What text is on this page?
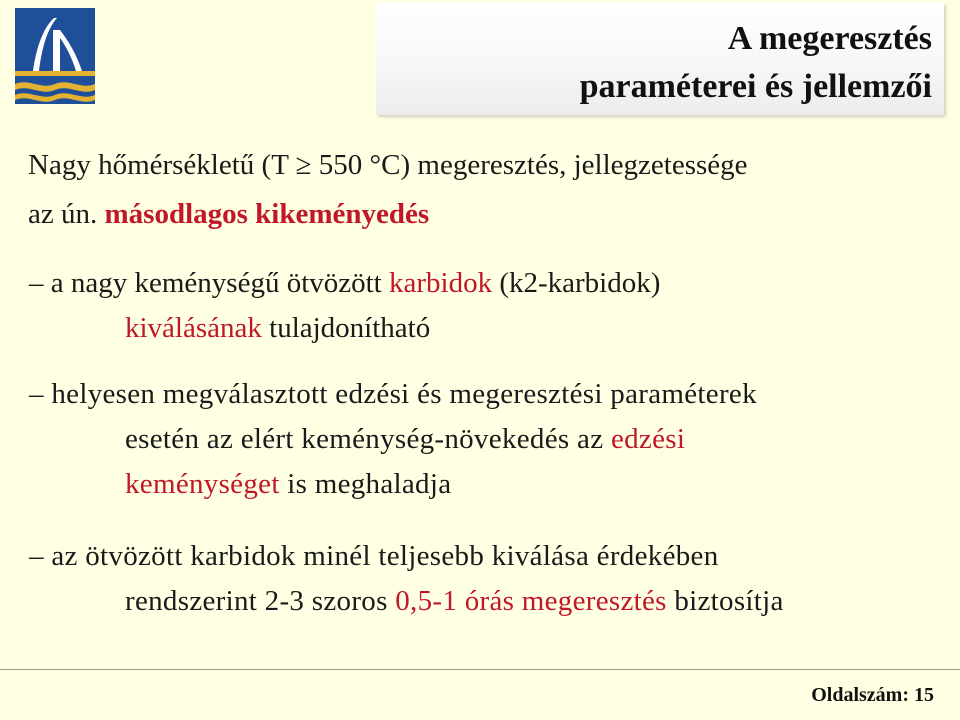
A megeresztés
paraméterei és jellemzői
Nagy hőmérsékletű (T ≥ 550 °C) megeresztés, jellegzetessége
az ún. másodlagos kikeményedés
– a nagy keménységű ötvözött karbidok (k2-karbidok)
kiválásának tulajdonítható
– helyesen megválasztott edzési és megeresztési paraméterek
esetén az elért keménység-növekedés az edzési
keménységet is meghaladja
– az ötvözött karbidok minél teljesebb kiválása érdekében
rendszerint 2-3 szoros 0,5-1 órás megeresztés biztosítja
Oldalszám: 15
